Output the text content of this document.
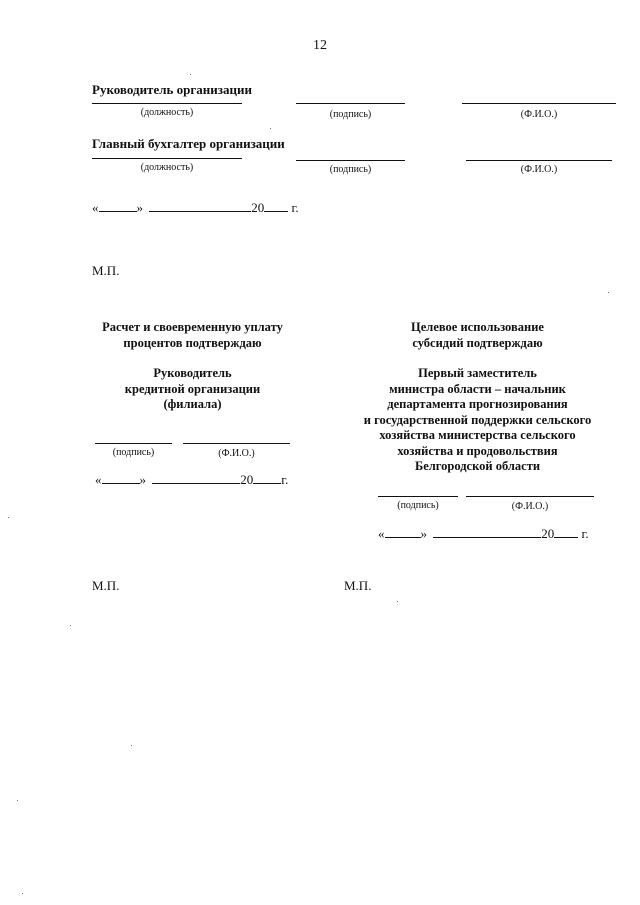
12
Руководитель организации
(должность)	(подпись)	(Ф.И.О.)
Главный бухгалтер организации
(должность)	(подпись)	(Ф.И.О.)
«	»	20 г.
М.П.
Расчет и своевременную уплату
процентов подтверждаю
Руководитель
кредитной организации
(филиала)
(подпись)	(Ф.И.О.)
«	»	20 г.
М.П.
Целевое использование
субсидий подтверждаю
Первый заместитель
министра области – начальник
департамента прогнозирования
и государственной поддержки сельского
хозяйства министерства сельского
хозяйства и продовольствия
Белгородской области
(подпись)	(Ф.И.О.)
«	»	20 г.
М.П.
